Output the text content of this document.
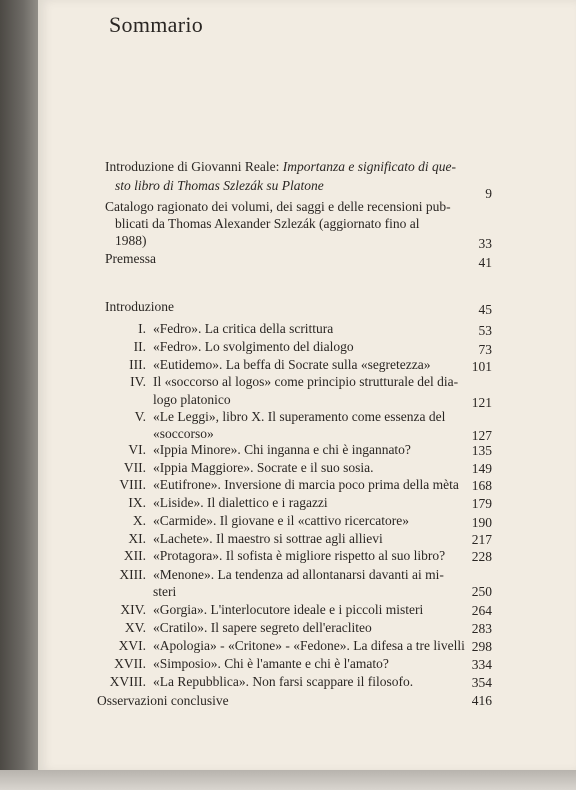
Sommario
Introduzione di Giovanni Reale: Importanza e significato di que-
sto libro di Thomas Szlezák su Platone
9
Catalogo ragionato dei volumi, dei saggi e delle recensioni pub-
blicati da Thomas Alexander Szlezák (aggiornato fino al
1988)	33
Premessa	41
Introduzione	45
I. «Fedro». La critica della scrittura	53
II. «Fedro». Lo svolgimento del dialogo	73
III. «Eutidemo». La beffa di Socrate sulla «segretezza»	101
IV. Il «soccorso al logos» come principio strutturale del dia-
logo platonico	121
V. «Le Leggi», libro X. Il superamento come essenza del
«soccorso»	127
VI. «Ippia Minore». Chi inganna e chi è ingannato?	135
VII. «Ippia Maggiore». Socrate e il suo sosia.	149
VIII. «Eutifrone». Inversione di marcia poco prima della mèta 168
IX. «Liside». Il dialettico e i ragazzi	179
X. «Carmide». Il giovane e il «cattivo ricercatore»	190
XI. «Lachete». Il maestro si sottrae agli allievi	217
XII. «Protagora». Il sofista è migliore rispetto al suo libro?	228
XIII. «Menone». La tendenza ad allontanarsi davanti ai mi-
steri	250
XIV. «Gorgia». L'interlocutore ideale e i piccoli misteri	264
XV. «Cratilo». Il sapere segreto dell'eracliteo	283
XVI. «Apologia» - «Critone» - «Fedone». La difesa a tre livelli 298
XVII. «Simposio». Chi è l'amante e chi è l'amato?	334
XVIII. «La Repubblica». Non farsi scappare il filosofo.	354
Osservazioni conclusive	416
